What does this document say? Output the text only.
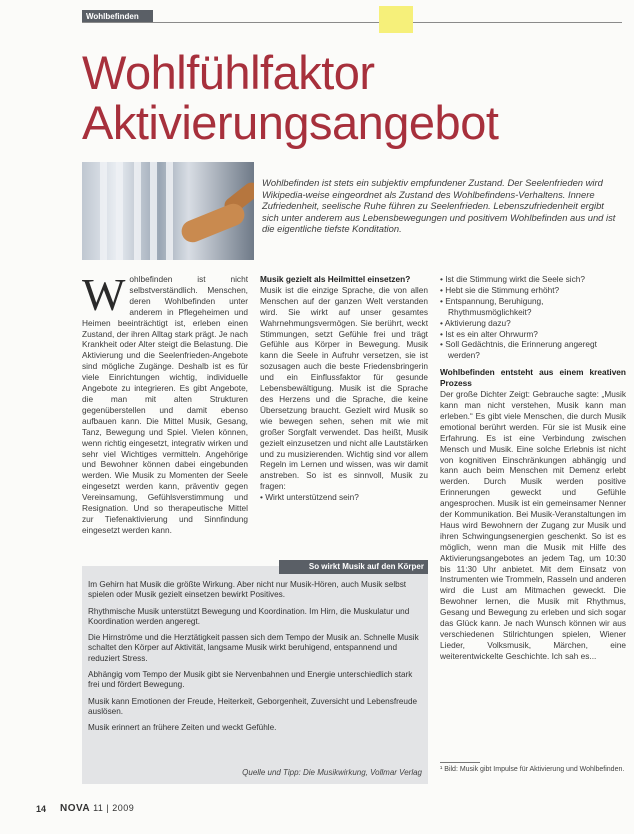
Wohlbefinden
Wohlfühlfaktor
Aktivierungsangebot

Wohlbefinden ist stets ein subjektiv empfundener Zustand. Der Seelenfrieden wird Wikipedia-weise eingeordnet als Zustand des Wohlbefindens-Verhaltens. Innere Zufriedenheit, seelische Ruhe führen zu Seelenfrieden. Lebenszufriedenheit ergibt sich unter anderem aus Lebensbewegungen und positivem Wohlbefinden aus und ist die eigentliche tiefste Konditation.

Wohlbefinden ist nicht selbstverständlich. Menschen, deren Wohlbefinden unter anderem in Pflegeheimen und Heimen beeinträchtigt ist, erleben einen Zustand, der ihren Alltag stark prägt. Je nach Krankheit oder Alter steigt die Belastung. Die Aktivierung und die Seelenfrieden-Angebote sind mögliche Zugänge. Deshalb ist es für viele Einrichtungen wichtig, individuelle Angebote zu integrieren. Es gibt Angebote, die man mit alten Strukturen gegenüberstellen und damit ebenso aufbauen kann. Die Mittel Musik, Gesang, Tanz, Bewegung und Spiel. Vielen können, wenn richtig eingesetzt, integrativ wirken und sehr viel Wichtiges vermitteln. Angehörige und Bewohner können dabei eingebunden werden. Wie Musik zu Momenten der Seele eingesetzt werden kann, präventiv gegen Vereinsamung, Gefühlsverstimmung und Resignation. Und so therapeutische Mittel zur Tiefenaktivierung und Sinnfindung eingesetzt werden kann.

Musik gezielt als Heilmittel einsetzen?

Musik ist die einzige Sprache, die von allen Menschen auf der ganzen Welt verstanden wird. Sie wirkt auf unser gesamtes Wahrnehmungsvermögen. Sie berührt, weckt Stimmungen, setzt Gefühle frei und trägt Gefühle aus Körper in Bewegung. Musik kann die Seele in Aufruhr versetzen, sie ist sozusagen auch die beste Friedensbringerin und ein Einflussfaktor für gesunde Lebensbewältigung. Musik ist die Sprache des Herzens und die Sprache, die keine Übersetzung braucht. Gezielt wird Musik so wie bewegen sehen, sehen mit wie mit großer Sorgfalt verwendet. Das heißt, Musik gezielt einzusetzen und nicht alle Lautstärken und zu musizierenden. Wichtig sind vor allem Regeln im Lernen und wissen, was wir damit anstreben. So ist es sinnvoll, Musik zu fragen:

• Wirkt unterstützend sein?
• Ist die Stimmung wirkt die Seele sich?
• Hebt sie die Stimmung erhöht?
• Entspannung, Beruhigung, Rhythmusmöglichkeit?
• Aktivierung dazu?
• Ist es ein alter Ohrwurm?
• Soll Gedächtnis, die Erinnerung angeregt werden?

Wohlbefinden entsteht aus einem kreativen Prozess

Der große Dichter Zeigt: Gebrauche sagte: „Musik kann man nicht verstehen, Musik kann man erleben.“ Es gibt viele Menschen, die durch Musik emotional berührt werden. Für sie ist Musik eine Erfahrung. Es ist eine Verbindung zwischen Mensch und Musik. Eine solche Erlebnis ist nicht von kognitiven Einschränkungen abhängig und kann auch beim Menschen mit Demenz erlebt werden. Durch Musik werden positive Erinnerungen geweckt und Gefühle angesprochen. Musik ist ein gemeinsamer Nenner der Kommunikation. Bei Musik-Veranstaltungen im Haus wird Bewohnern der Zugang zur Musik und ihren Schwingungsenergien geschenkt. So ist es möglich, wenn man die Musik mit Hilfe des Aktivierungsangebotes an jedem Tag, um 10:30 bis 11:30 Uhr anbietet. Mit dem Einsatz von Instrumenten wie Trommeln, Rasseln und anderen wird die Lust am Mitmachen geweckt. Die Bewohner lernen, die Musik mit Rhythmus, Gesang und Bewegung zu erleben und sich sogar das Glück kann. Je nach Wunsch können wir aus verschiedenen Stilrichtungen spielen, Wiener Lieder, Volksmusik, Märchen, eine weiterentwickelte Geschichte. Ich sah es...

So wirkt Musik auf den Körper

Im Gehirn hat Musik die größte Wirkung. Aber nicht nur Musik-Hören, auch Musik selbst spielen oder Musik gezielt einsetzen bewirkt Positives.

Rhythmische Musik unterstützt Bewegung und Koordination. Im Hirn, die Muskulatur und Koordination werden angeregt.

Die Hirnströme und die Herztätigkeit passen sich dem Tempo der Musik an. Schnelle Musik schaltet den Körper auf Aktivität, langsame Musik wirkt beruhigend, entspannend und reduziert Stress.

Abhängig vom Tempo der Musik gibt sie Nervenbahnen und Energie unterschiedlich stark frei und fördert Bewegung.

Musik kann Emotionen der Freude, Heiterkeit, Geborgenheit, Zuversicht und Lebensfreude auslösen.

Musik erinnert an frühere Zeiten und weckt Gefühle.

Quelle und Tipp: Die Musikwirkung, Vollmar Verlag	¹ Bild: Musik gibt Impulse für Aktivierung und Wohlbefinden.
14 NOVA 11 | 2009
